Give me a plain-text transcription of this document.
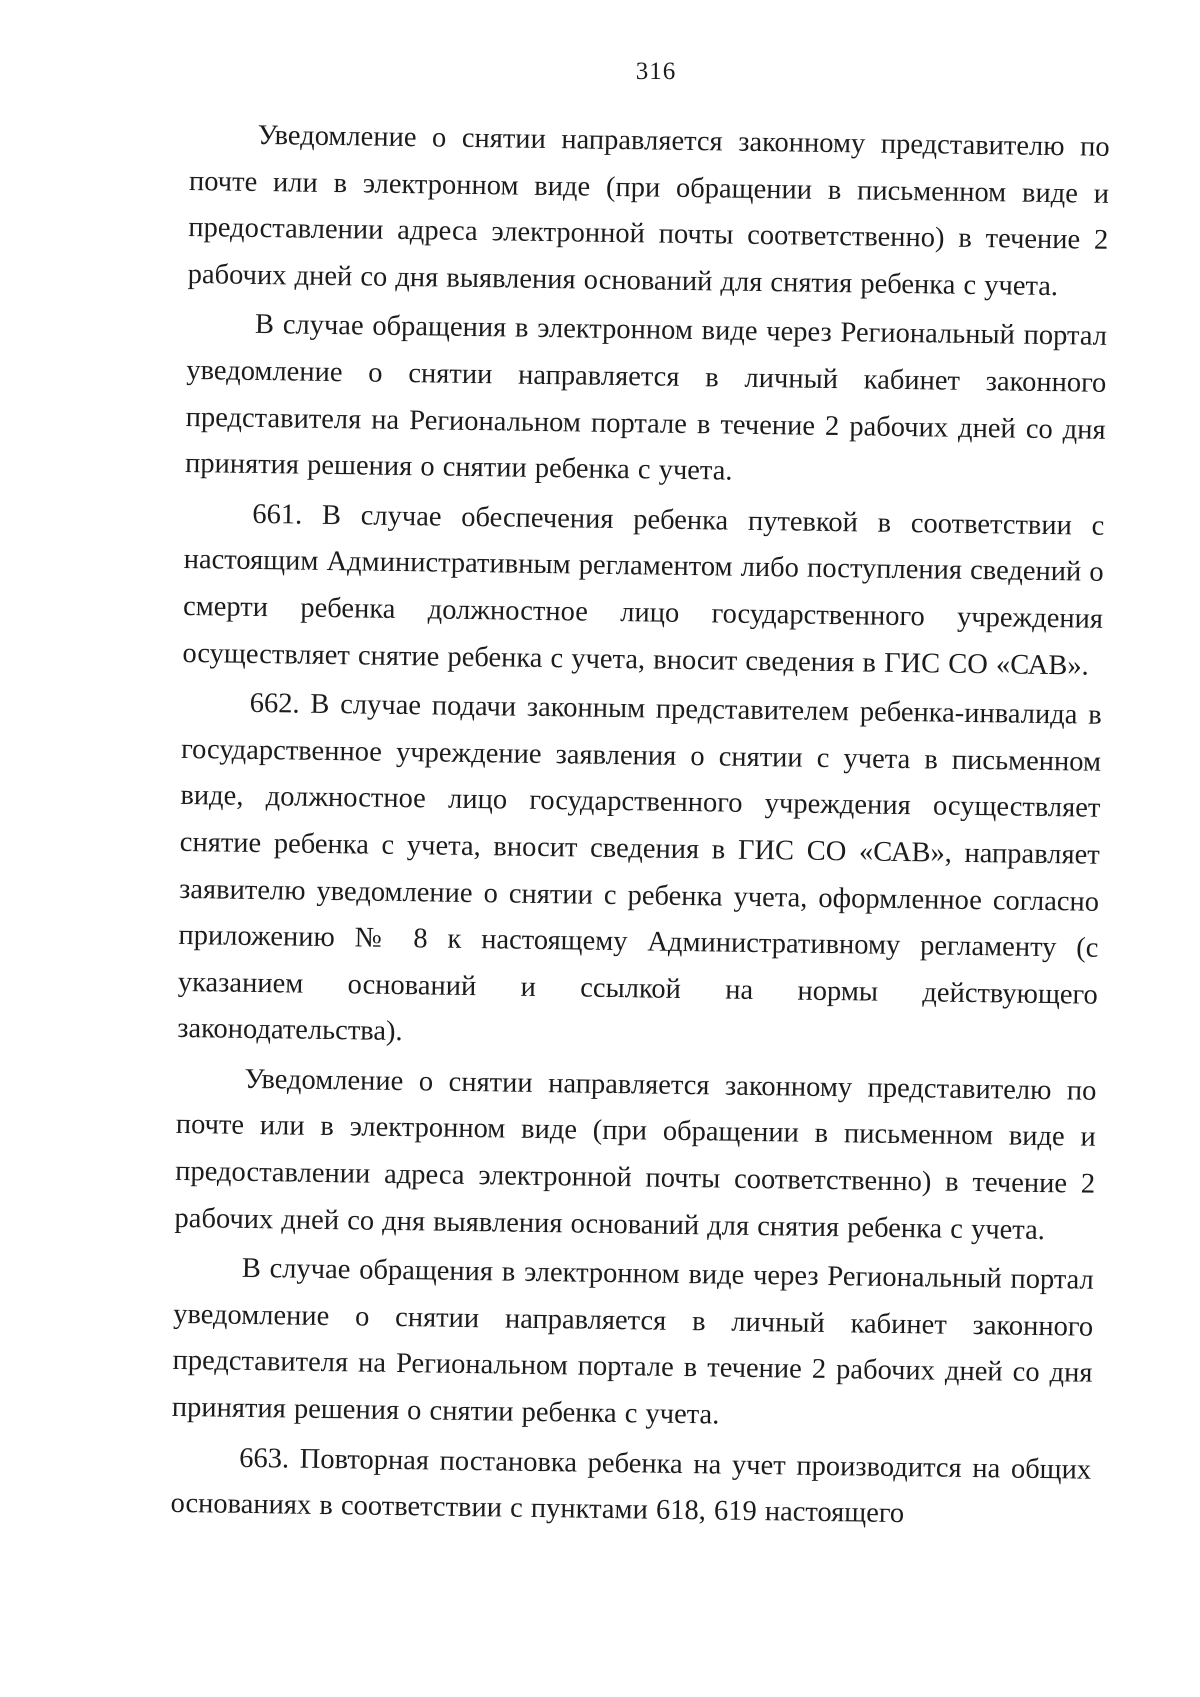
316

Уведомление о снятии направляется законному представителю по почте или в электронном виде (при обращении в письменном виде и предоставлении адреса электронной почты соответственно) в течение 2 рабочих дней со дня выявления оснований для снятия ребенка с учета.

В случае обращения в электронном виде через Региональный портал уведомление о снятии направляется в личный кабинет законного представителя на Региональном портале в течение 2 рабочих дней со дня принятия решения о снятии ребенка с учета.

661. В случае обеспечения ребенка путевкой в соответствии с настоящим Административным регламентом либо поступления сведений о смерти ребенка должностное лицо государственного учреждения осуществляет снятие ребенка с учета, вносит сведения в ГИС СО «САВ».

662. В случае подачи законным представителем ребенка-инвалида в государственное учреждение заявления о снятии с учета в письменном виде, должностное лицо государственного учреждения осуществляет снятие ребенка с учета, вносит сведения в ГИС СО «САВ», направляет заявителю уведомление о снятии с ребенка учета, оформленное согласно приложению № 8 к настоящему Административному регламенту (с указанием оснований и ссылкой на нормы действующего законодательства).

Уведомление о снятии направляется законному представителю по почте или в электронном виде (при обращении в письменном виде и предоставлении адреса электронной почты соответственно) в течение 2 рабочих дней со дня выявления оснований для снятия ребенка с учета.

В случае обращения в электронном виде через Региональный портал уведомление о снятии направляется в личный кабинет законного представителя на Региональном портале в течение 2 рабочих дней со дня принятия решения о снятии ребенка с учета.

663. Повторная постановка ребенка на учет производится на общих основаниях в соответствии с пунктами 618, 619 настоящего
